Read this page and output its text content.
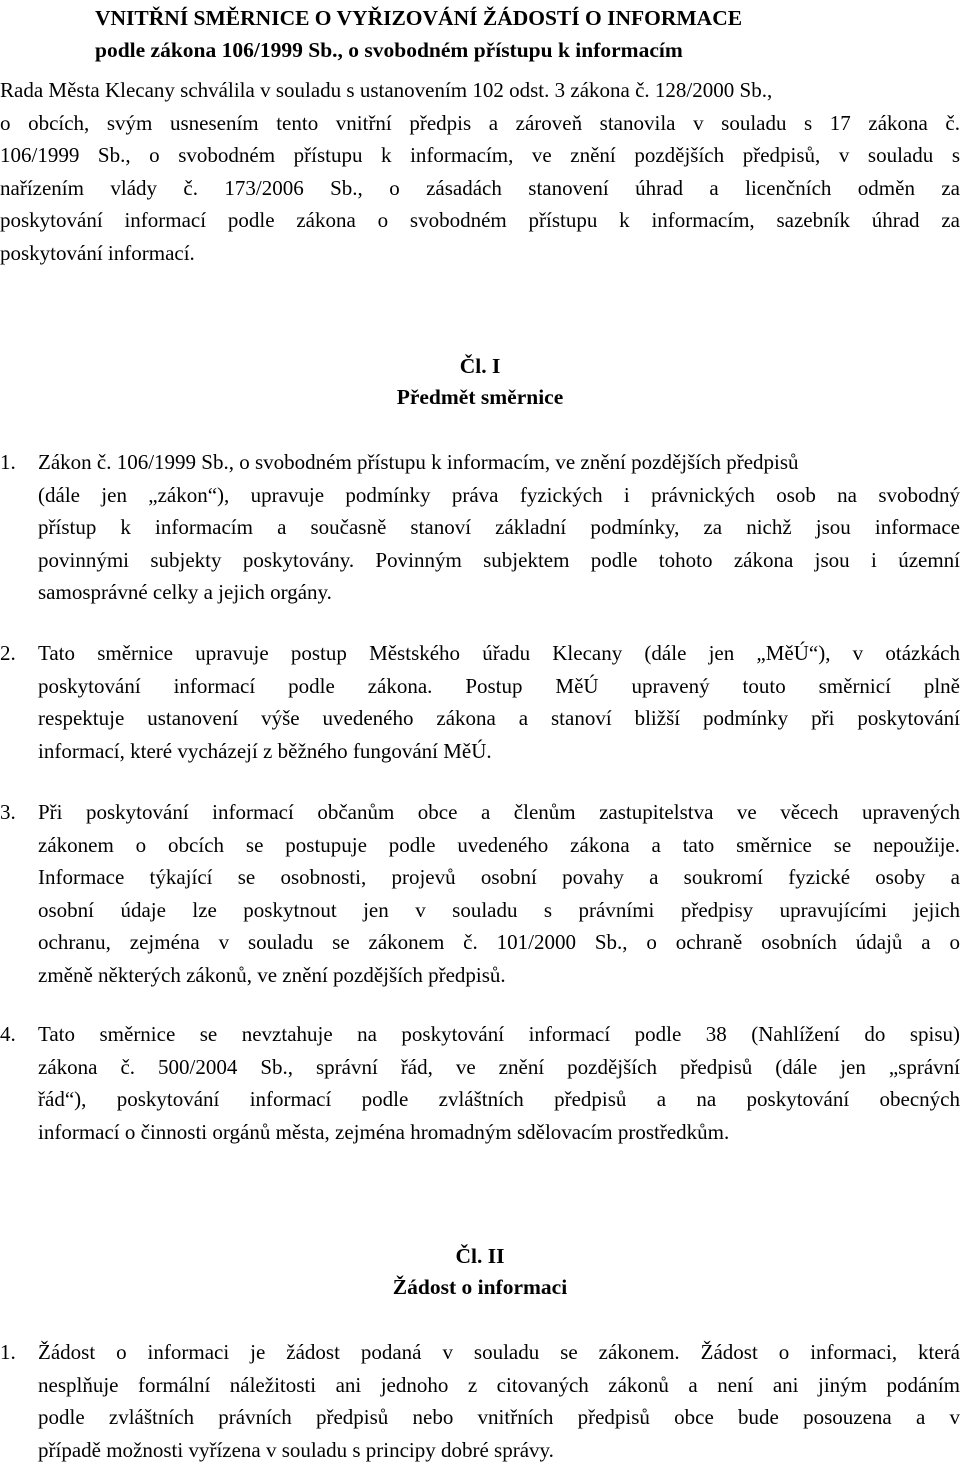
VNITŘNÍ SMĚRNICE O VYŘIZOVÁNÍ ŽÁDOSTÍ O INFORMACE
podle zákona 106/1999 Sb., o svobodném přístupu k informacím
Rada Města Klecany schválila v souladu s ustanovením 102 odst. 3 zákona č. 128/2000 Sb.,
o obcích, svým usnesením tento vnitřní předpis a zároveň stanovila v souladu s 17 zákona č.
106/1999 Sb., o svobodném přístupu k informacím, ve znění pozdějších předpisů, v souladu s
nařízením vlády č. 173/2006 Sb., o zásadách stanovení úhrad a licenčních odměn za
poskytování informací podle zákona o svobodném přístupu k informacím, sazebník úhrad za
poskytování informací.
Čl. I
Předmět směrnice
1. Zákon č. 106/1999 Sb., o svobodném přístupu k informacím, ve znění pozdějších předpisů
(dále jen „zákon“), upravuje podmínky práva fyzických i právnických osob na svobodný
přístup k informacím a současně stanoví základní podmínky, za nichž jsou informace
povinnými subjekty poskytovány. Povinným subjektem podle tohoto zákona jsou i územní
samosprávné celky a jejich orgány.
2. Tato směrnice upravuje postup Městského úřadu Klecany (dále jen „MěÚ“), v otázkách
poskytování informací podle zákona. Postup MěÚ upravený touto směrnicí plně
respektuje ustanovení výše uvedeného zákona a stanoví bližší podmínky při poskytování
informací, které vycházejí z běžného fungování MěÚ.
3. Při poskytování informací občanům obce a členům zastupitelstva ve věcech upravených
zákonem o obcích se postupuje podle uvedeného zákona a tato směrnice se nepoužije.
Informace týkající se osobnosti, projevů osobní povahy a soukromí fyzické osoby a
osobní údaje lze poskytnout jen v souladu s právními předpisy upravujícími jejich
ochranu, zejména v souladu se zákonem č. 101/2000 Sb., o ochraně osobních údajů a o
změně některých zákonů, ve znění pozdějších předpisů.
4. Tato směrnice se nevztahuje na poskytování informací podle 38 (Nahlížení do spisu)
zákona č. 500/2004 Sb., správní řád, ve znění pozdějších předpisů (dále jen „správní
řád“), poskytování informací podle zvláštních předpisů a na poskytování obecných
informací o činnosti orgánů města, zejména hromadným sdělovacím prostředkům.
Čl. II
Žádost o informaci
1. Žádost o informaci je žádost podaná v souladu se zákonem. Žádost o informaci, která
nesplňuje formální náležitosti ani jednoho z citovaných zákonů a není ani jiným podáním
podle zvláštních právních předpisů nebo vnitřních předpisů obce bude posouzena a v
případě možnosti vyřízena v souladu s principy dobré správy.
